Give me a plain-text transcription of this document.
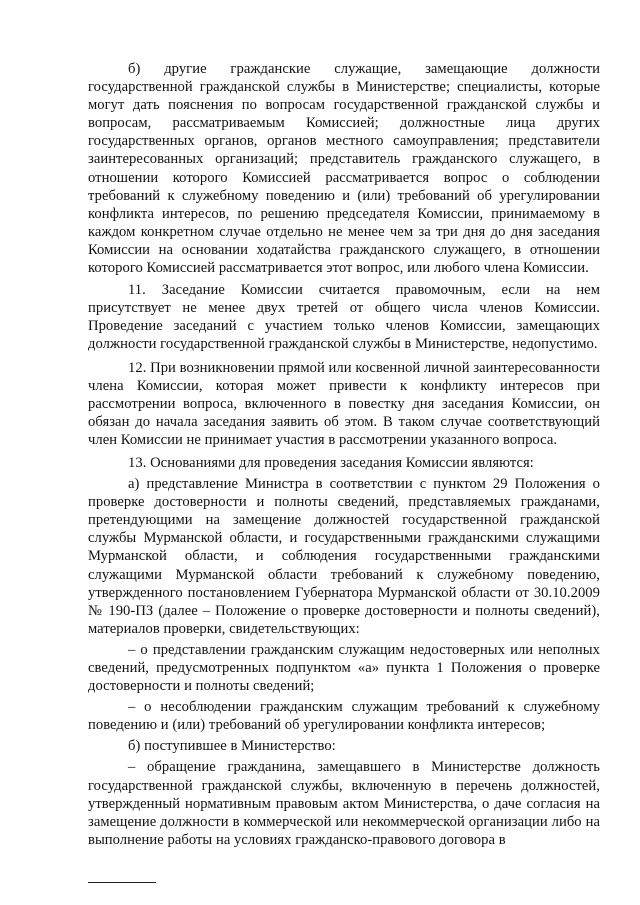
б) другие гражданские служащие, замещающие должности государственной гражданской службы в Министерстве; специалисты, которые могут дать пояснения по вопросам государственной гражданской службы и вопросам, рассматриваемым Комиссией; должностные лица других государственных органов, органов местного самоуправления; представители заинтересованных организаций; представитель гражданского служащего, в отношении которого Комиссией рассматривается вопрос о соблюдении требований к служебному поведению и (или) требований об урегулировании конфликта интересов, по решению председателя Комиссии, принимаемому в каждом конкретном случае отдельно не менее чем за три дня до дня заседания Комиссии на основании ходатайства гражданского служащего, в отношении которого Комиссией рассматривается этот вопрос, или любого члена Комиссии.

11. Заседание Комиссии считается правомочным, если на нем присутствует не менее двух третей от общего числа членов Комиссии. Проведение заседаний с участием только членов Комиссии, замещающих должности государственной гражданской службы в Министерстве, недопустимо.

12. При возникновении прямой или косвенной личной заинтересованности члена Комиссии, которая может привести к конфликту интересов при рассмотрении вопроса, включенного в повестку дня заседания Комиссии, он обязан до начала заседания заявить об этом. В таком случае соответствующий член Комиссии не принимает участия в рассмотрении указанного вопроса.

13. Основаниями для проведения заседания Комиссии являются:

а) представление Министра в соответствии с пунктом 29 Положения о проверке достоверности и полноты сведений, представляемых гражданами, претендующими на замещение должностей государственной гражданской службы Мурманской области, и государственными гражданскими служащими Мурманской области, и соблюдения государственными гражданскими служащими Мурманской области требований к служебному поведению, утвержденного постановлением Губернатора Мурманской области от 30.10.2009 № 190-ПЗ (далее – Положение о проверке достоверности и полноты сведений), материалов проверки, свидетельствующих:

– о представлении гражданским служащим недостоверных или неполных сведений, предусмотренных подпунктом «а» пункта 1 Положения о проверке достоверности и полноты сведений;

– о несоблюдении гражданским служащим требований к служебному поведению и (или) требований об урегулировании конфликта интересов;

б) поступившее в Министерство:

– обращение гражданина, замещавшего в Министерстве должность государственной гражданской службы, включенную в перечень должностей, утвержденный нормативным правовым актом Министерства, о даче согласия на замещение должности в коммерческой или некоммерческой организации либо на выполнение работы на условиях гражданско-правового договора в
